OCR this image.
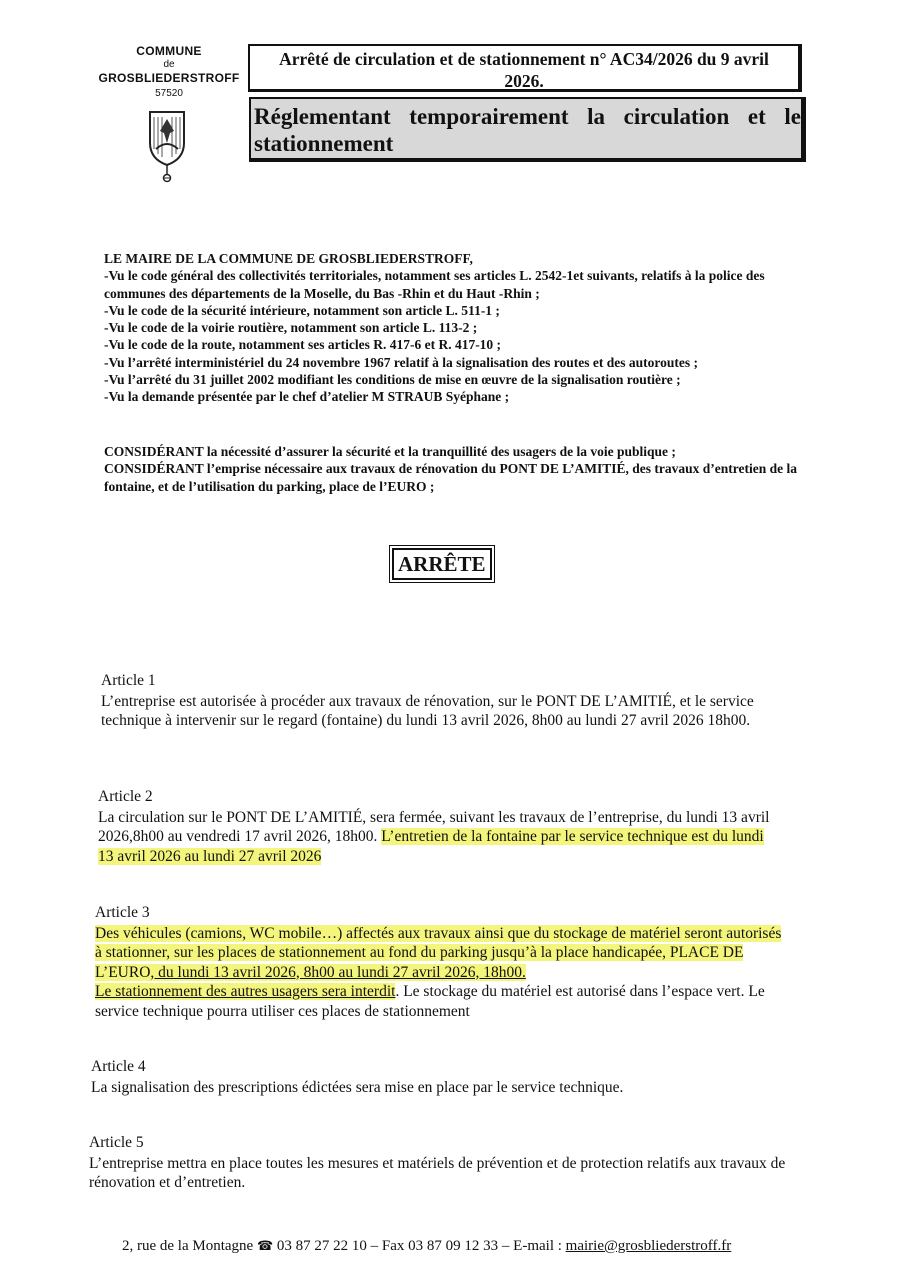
COMMUNE
de
GROSBLIEDERSTROFF
57520
Arrêté de circulation et de stationnement n° AC34/2026 du 9 avril 2026.
Réglementant temporairement la circulation et le stationnement

LE MAIRE DE LA COMMUNE DE GROSBLIEDERSTROFF,

-Vu le code général des collectivités territoriales, notamment ses articles L. 2542-1et suivants, relatifs à la police des communes des départements de la Moselle, du Bas -Rhin et du Haut -Rhin ;

-Vu le code de la sécurité intérieure, notamment son article L. 511-1 ;

-Vu le code de la voirie routière, notamment son article L. 113-2 ;

-Vu le code de la route, notamment ses articles R. 417-6 et R. 417-10 ;

-Vu l’arrêté interministériel du 24 novembre 1967 relatif à la signalisation des routes et des autoroutes ;

-Vu l’arrêté du 31 juillet 2002 modifiant les conditions de mise en œuvre de la signalisation routière ;

-Vu la demande présentée par le chef d’atelier M STRAUB Syéphane ;

CONSIDÉRANT la nécessité d’assurer la sécurité et la tranquillité des usagers de la voie publique ;

CONSIDÉRANT l’emprise nécessaire aux travaux de rénovation du PONT DE L’AMITIÉ, des travaux d’entretien de la fontaine, et de l’utilisation du parking, place de l’EURO ;

ARRÊTE
Article 1

L’entreprise est autorisée à procéder aux travaux de rénovation, sur le PONT DE L’AMITIÉ, et le service technique à intervenir sur le regard (fontaine) du lundi 13 avril 2026, 8h00 au lundi 27 avril 2026 18h00.

Article 2

La circulation sur le PONT DE L’AMITIÉ, sera fermée, suivant les travaux de l’entreprise, du lundi 13 avril 2026,8h00 au vendredi 17 avril 2026, 18h00. L’entretien de la fontaine par le service technique est du lundi 13 avril 2026 au lundi 27 avril 2026

Article 3

Des véhicules (camions, WC mobile…) affectés aux travaux ainsi que du stockage de matériel seront autorisés à stationner, sur les places de stationnement au fond du parking jusqu’à la place handicapée, PLACE DE L’EURO, du lundi 13 avril 2026, 8h00 au lundi 27 avril 2026, 18h00.
Le stationnement des autres usagers sera interdit. Le stockage du matériel est autorisé dans l’espace vert. Le service technique pourra utiliser ces places de stationnement

Article 4

La signalisation des prescriptions édictées sera mise en place par le service technique.

Article 5

L’entreprise mettra en place toutes les mesures et matériels de prévention et de protection relatifs aux travaux de rénovation et d’entretien.

2, rue de la Montagne ☎ 03 87 27 22 10 – Fax 03 87 09 12 33 – E-mail : mairie@grosbliederstroff.fr
